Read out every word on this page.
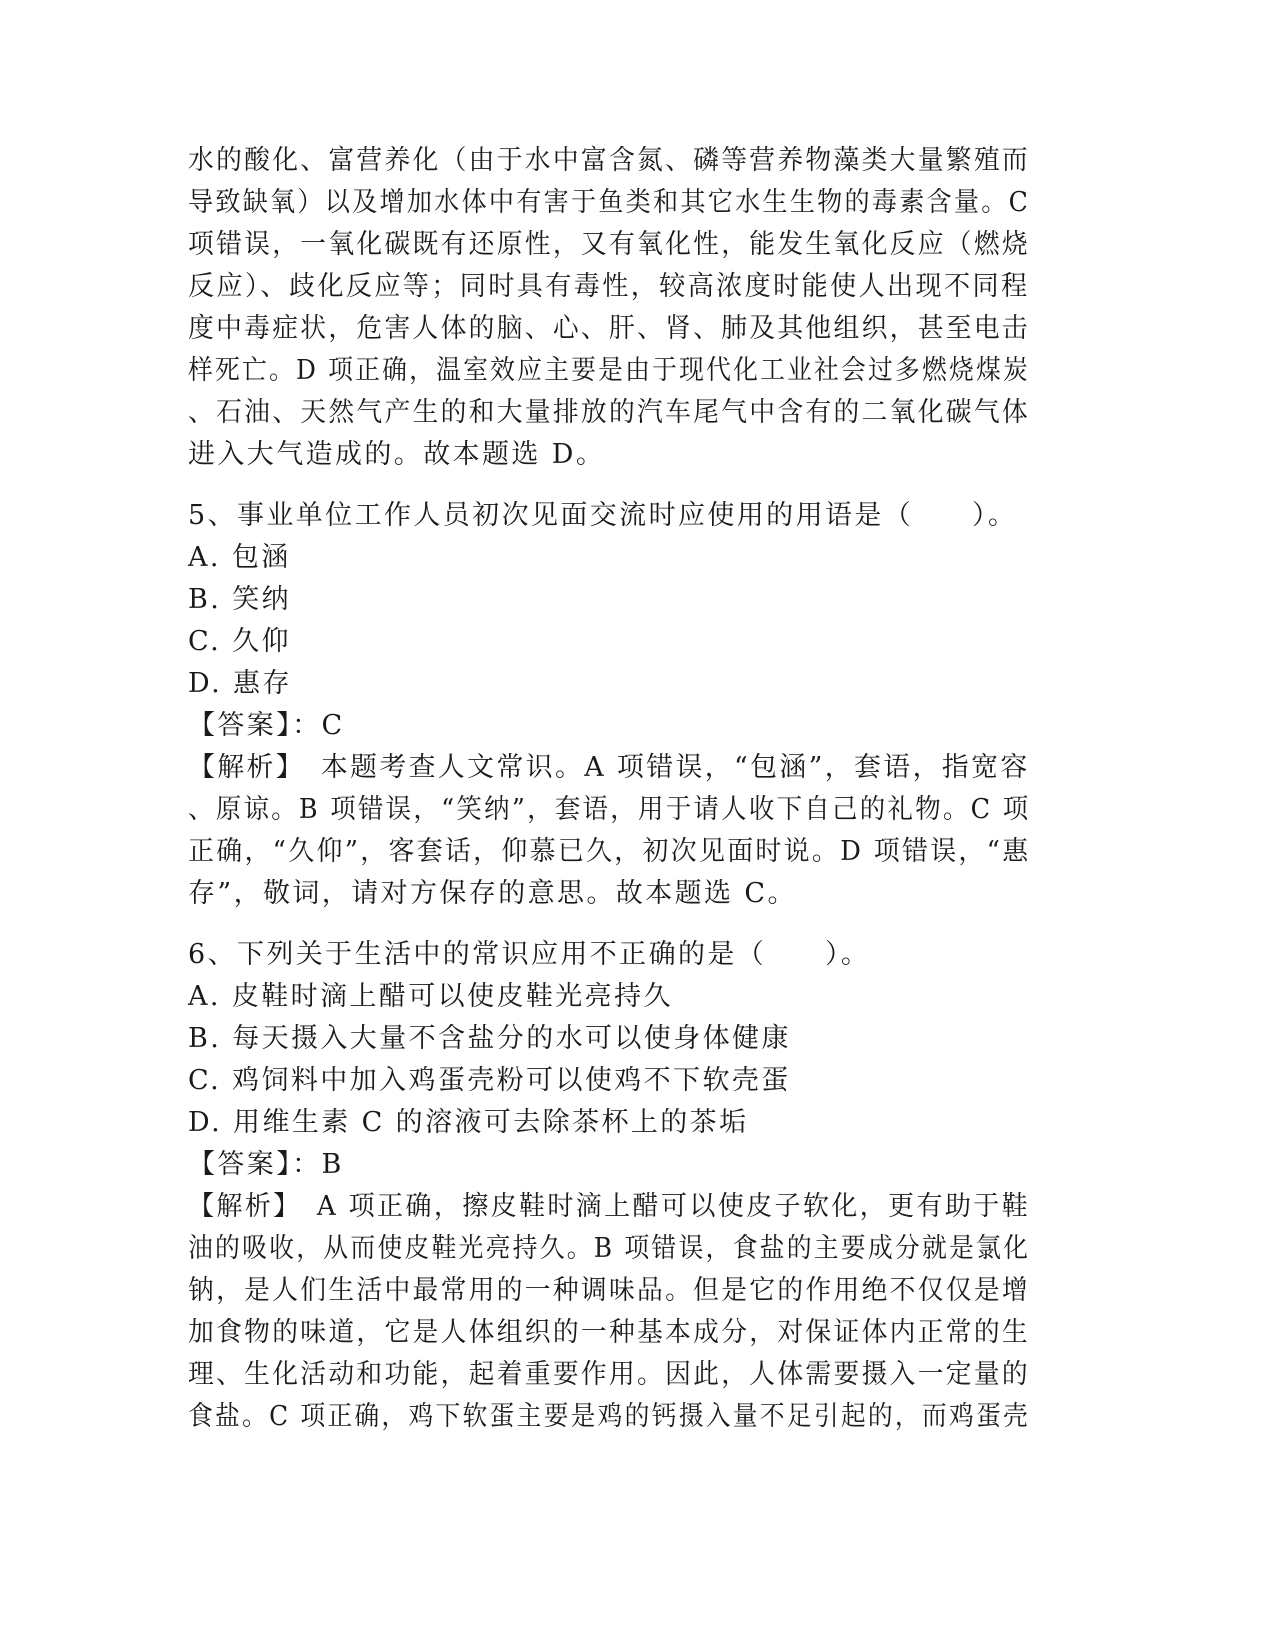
水的酸化、富营养化（由于水中富含氮、磷等营养物藻类大量繁殖而
导致缺氧）以及增加水体中有害于鱼类和其它水生生物的毒素含量。C
项错误，一氧化碳既有还原性，又有氧化性，能发生氧化反应（燃烧
反应）、歧化反应等；同时具有毒性，较高浓度时能使人出现不同程
度中毒症状，危害人体的脑、心、肝、肾、肺及其他组织，甚至电击
样死亡。D 项正确，温室效应主要是由于现代化工业社会过多燃烧煤炭
、石油、天然气产生的和大量排放的汽车尾气中含有的二氧化碳气体
进入大气造成的。故本题选 D。
5、事业单位工作人员初次见面交流时应使用的用语是（　　）。
A. 包涵
B. 笑纳
C. 久仰
D. 惠存
【答案】：C
【解析】　本题考查人文常识。A 项错误，“包涵”，套语，指宽容
、原谅。B 项错误，“笑纳”，套语，用于请人收下自己的礼物。C 项
正确，“久仰”，客套话，仰慕已久，初次见面时说。D 项错误，“惠
存”，敬词，请对方保存的意思。故本题选 C。
6、下列关于生活中的常识应用不正确的是（　　）。
A. 皮鞋时滴上醋可以使皮鞋光亮持久
B. 每天摄入大量不含盐分的水可以使身体健康
C. 鸡饲料中加入鸡蛋壳粉可以使鸡不下软壳蛋
D. 用维生素 C 的溶液可去除茶杯上的茶垢
【答案】：B
【解析】　A 项正确，擦皮鞋时滴上醋可以使皮子软化，更有助于鞋
油的吸收，从而使皮鞋光亮持久。B 项错误，食盐的主要成分就是氯化
钠，是人们生活中最常用的一种调味品。但是它的作用绝不仅仅是增
加食物的味道，它是人体组织的一种基本成分，对保证体内正常的生
理、生化活动和功能，起着重要作用。因此，人体需要摄入一定量的
食盐。C 项正确，鸡下软蛋主要是鸡的钙摄入量不足引起的，而鸡蛋壳
